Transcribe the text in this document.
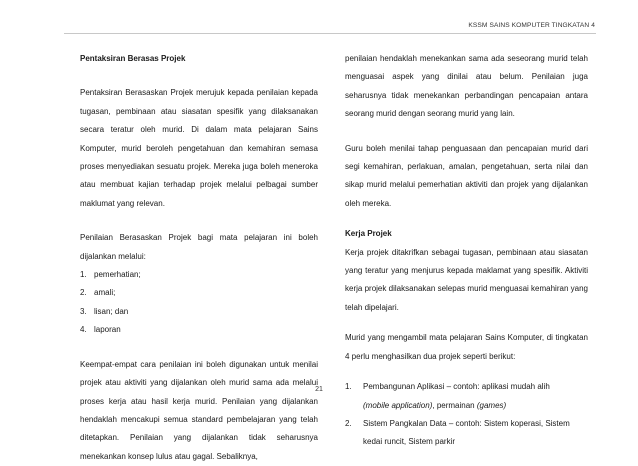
KSSM SAINS KOMPUTER TINGKATAN 4

Pentaksiran Berasas Projek

Pentaksiran Berasaskan Projek merujuk kepada penilaian kepada tugasan, pembinaan atau siasatan spesifik yang dilaksanakan secara teratur oleh murid. Di dalam mata pelajaran Sains Komputer, murid beroleh pengetahuan dan kemahiran semasa proses menyediakan sesuatu projek. Mereka juga boleh meneroka atau membuat kajian terhadap projek melalui pelbagai sumber maklumat yang relevan.

Penilaian Berasaskan Projek bagi mata pelajaran ini boleh dijalankan melalui:

1. pemerhatian;
2. amali;
3. lisan; dan
4. laporan

Keempat-empat cara penilaian ini boleh digunakan untuk menilai projek atau aktiviti yang dijalankan oleh murid sama ada melalui proses kerja atau hasil kerja murid. Penilaian yang dijalankan hendaklah mencakupi semua standard pembelajaran yang telah ditetapkan. Penilaian yang dijalankan tidak seharusnya menekankan konsep lulus atau gagal. Sebaliknya,

penilaian hendaklah menekankan sama ada seseorang murid telah menguasai aspek yang dinilai atau belum. Penilaian juga seharusnya tidak menekankan perbandingan pencapaian antara seorang murid dengan seorang murid yang lain.

Guru boleh menilai tahap penguasaan dan pencapaian murid dari segi kemahiran, perlakuan, amalan, pengetahuan, serta nilai dan sikap murid melalui pemerhatian aktiviti dan projek yang dijalankan oleh mereka.

Kerja Projek

Kerja projek ditakrifkan sebagai tugasan, pembinaan atau siasatan yang teratur yang menjurus kepada maklamat yang spesifik. Aktiviti kerja projek dilaksanakan selepas murid menguasai kemahiran yang telah dipelajari.

Murid yang mengambil mata pelajaran Sains Komputer, di tingkatan 4 perlu menghasilkan dua projek seperti berikut:

1. Pembangunan Aplikasi – contoh: aplikasi mudah alih
(mobile application), permainan (games)
2. Sistem Pangkalan Data – contoh: Sistem koperasi, Sistem kedai runcit, Sistem parkir
21
